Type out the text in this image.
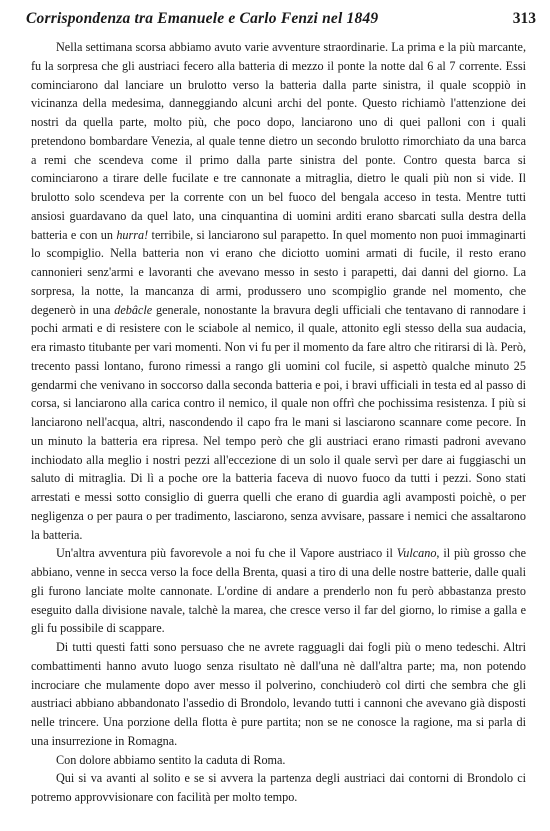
Corrispondenza tra Emanuele e Carlo Fenzi nel 1849	313

Nella settimana scorsa abbiamo avuto varie avventure straordinarie. La prima e la più marcante, fu la sorpresa che gli austriaci fecero alla batteria di mezzo il ponte la notte dal 6 al 7 corrente. Essi cominciarono dal lanciare un brulotto verso la batteria dalla parte sinistra, il quale scoppiò in vicinanza della medesima, danneggiando alcuni archi del ponte. Questo richiamò l'attenzione dei nostri da quella parte, molto più, che poco dopo, lanciarono uno di quei palloni con i quali pretendono bombardare Venezia, al quale tenne dietro un secondo brulotto rimorchiato da una barca a remi che scendeva come il primo dalla parte sinistra del ponte. Contro questa barca si cominciarono a tirare delle fucilate e tre cannonate a mitraglia, dietro le quali più non si vide. Il brulotto solo scendeva per la corrente con un bel fuoco del bengala acceso in testa. Mentre tutti ansiosi guardavano da quel lato, una cinquantina di uomini arditi erano sbarcati sulla destra della batteria e con un hurra! terribile, si lanciarono sul parapetto. In quel momento non puoi immaginarti lo scompiglio. Nella batteria non vi erano che diciotto uomini armati di fucile, il resto erano cannonieri senz'armi e lavoranti che avevano messo in sesto i parapetti, dai danni del giorno. La sorpresa, la notte, la mancanza di armi, produssero uno scompiglio grande nel momento, che degenerò in una debâcle generale, nonostante la bravura degli ufficiali che tentavano di rannodare i pochi armati e di resistere con le sciabole al nemico, il quale, attonito egli stesso della sua audacia, era rimasto titubante per vari momenti. Non vi fu per il momento da fare altro che ritirarsi di là. Però, trecento passi lontano, furono rimessi a rango gli uomini col fucile, si aspettò qualche minuto 25 gendarmi che venivano in soccorso dalla seconda batteria e poi, i bravi ufficiali in testa ed al passo di corsa, si lanciarono alla carica contro il nemico, il quale non offrì che pochissima resistenza. I più si lanciarono nell'acqua, altri, nascondendo il capo fra le mani si lasciarono scannare come pecore. In un minuto la batteria era ripresa. Nel tempo però che gli austriaci erano rimasti padroni avevano inchiodato alla meglio i nostri pezzi all'eccezione di un solo il quale servì per dare ai fuggiaschi un saluto di mitraglia. Di lì a poche ore la batteria faceva di nuovo fuoco da tutti i pezzi. Sono stati arrestati e messi sotto consiglio di guerra quelli che erano di guardia agli avamposti poichè, o per negligenza o per paura o per tradimento, lasciarono, senza avvisare, passare i nemici che assaltarono la batteria.

Un'altra avventura più favorevole a noi fu che il Vapore austriaco il Vulcano, il più grosso che abbiano, venne in secca verso la foce della Brenta, quasi a tiro di una delle nostre batterie, dalle quali gli furono lanciate molte cannonate. L'ordine di andare a prenderlo non fu però abbastanza presto eseguito dalla divisione navale, talchè la marea, che cresce verso il far del giorno, lo rimise a galla e gli fu possibile di scappare.

Di tutti questi fatti sono persuaso che ne avrete ragguagli dai fogli più o meno tedeschi. Altri combattimenti hanno avuto luogo senza risultato nè dall'una nè dall'altra parte; ma, non potendo incrociare che mulamente dopo aver messo il polverino, conchiuderò col dirti che sembra che gli austriaci abbiano abbandonato l'assedio di Brondolo, levando tutti i cannoni che avevano già disposti nelle trincere. Una porzione della flotta è pure partita; non se ne conosce la ragione, ma si parla di una insurrezione in Romagna.

Con dolore abbiamo sentito la caduta di Roma.

Qui si va avanti al solito e se si avvera la partenza degli austriaci dai contorni di Brondolo ci potremo approvvisionare con facilità per molto tempo.
